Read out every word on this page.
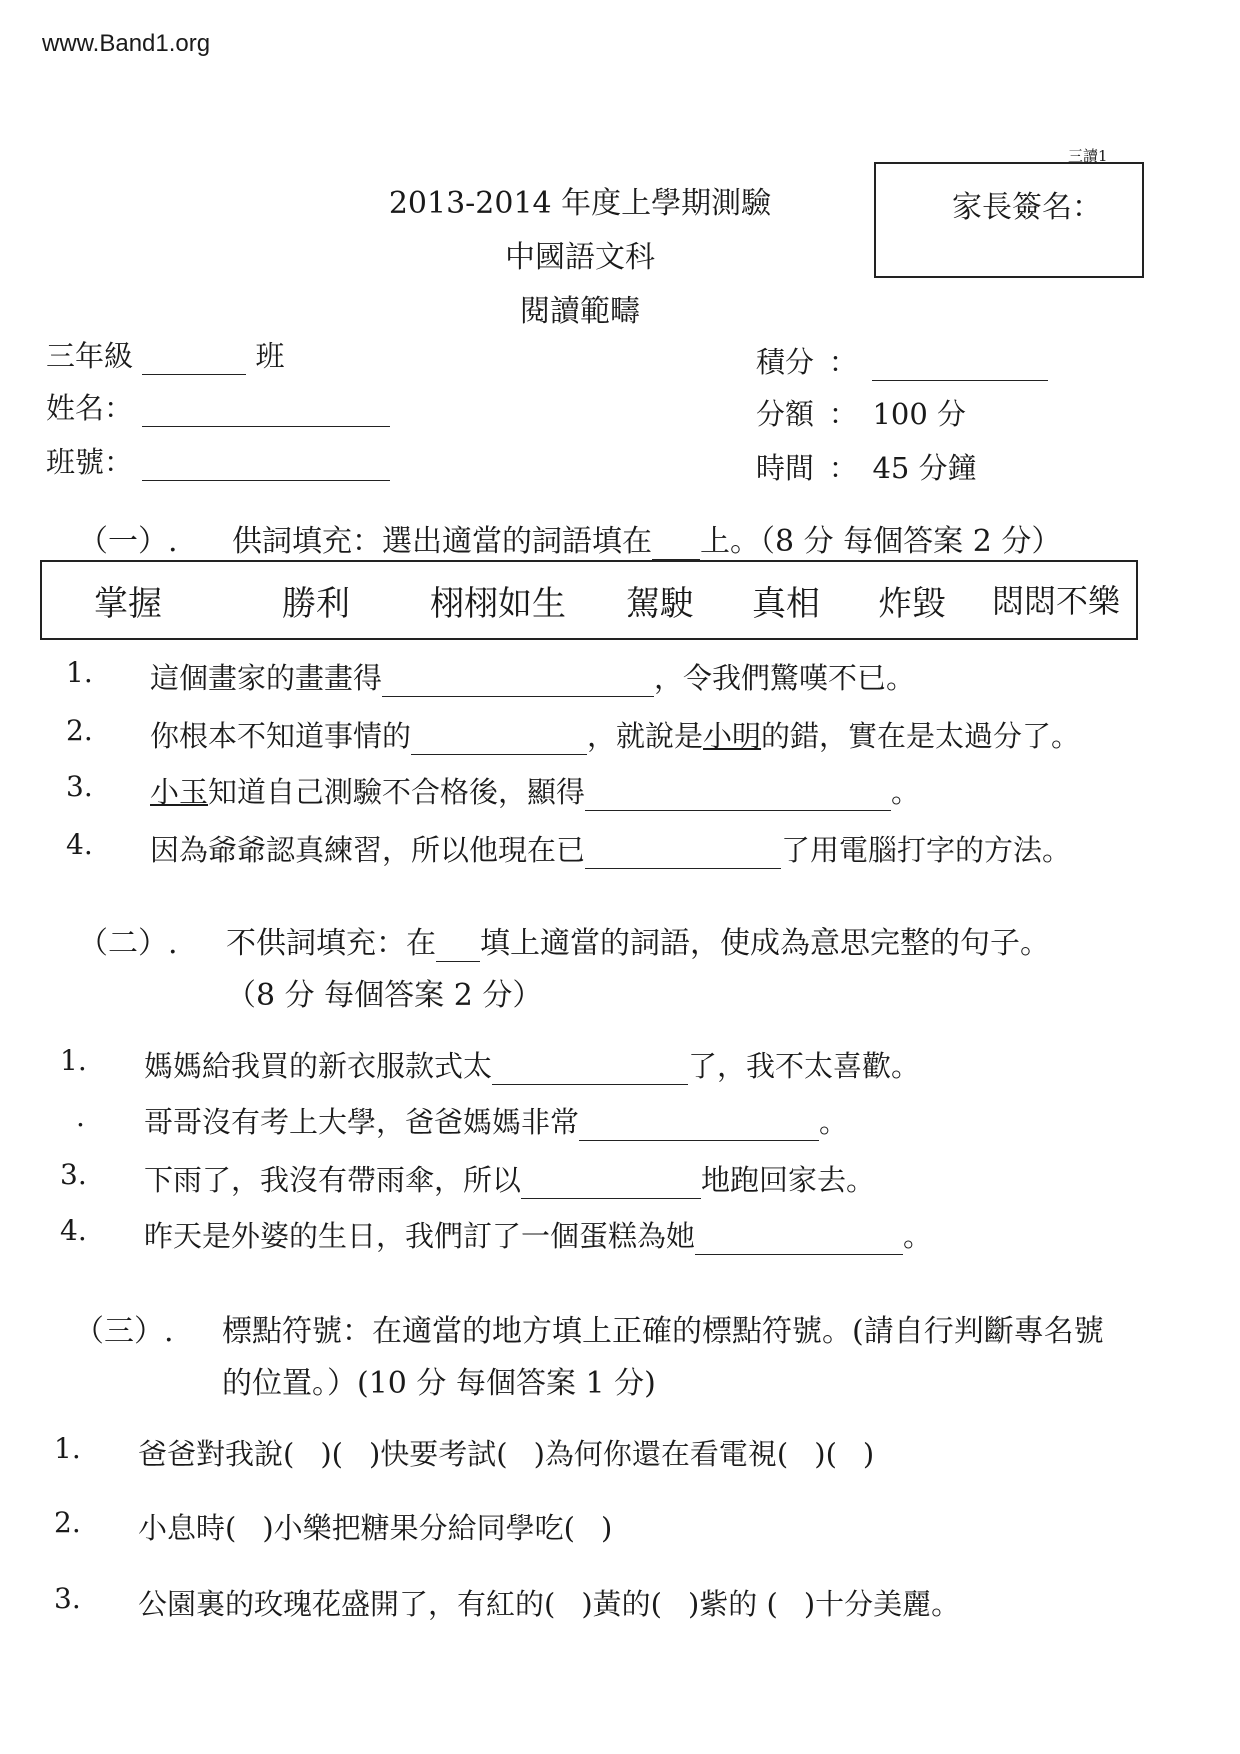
www.Band1.org
三讀1
2013-2014 年度上學期測驗
中國語文科
閱讀範疇
家長簽名：
三年級	班
姓名：
班號：
積分 ：
分額 ： 100 分
時間 ： 45 分鐘
（一）. 供詞填充：選出適當的詞語填在 上。（8 分 每個答案 2 分）
掌握	勝利 栩栩如生 駕駛 真相 炸毀 悶悶不樂
1. 這個畫家的畫畫得	，令我們驚嘆不已。
2. 你根本不知道事情的	，就說是小明的錯，實在是太過分了。
3. 小玉知道自己測驗不合格後，顯得	。
4. 因為爺爺認真練習，所以他現在已	了用電腦打字的方法。
（二）. 不供詞填充：在 填上適當的詞語，使成為意思完整的句子。
（8 分 每個答案 2 分）
1. 媽媽給我買的新衣服款式太	了，我不太喜歡。
. 哥哥沒有考上大學，爸爸媽媽非常	。
3. 下雨了，我沒有帶雨傘，所以	地跑回家去。
4. 昨天是外婆的生日，我們訂了一個蛋糕為她	。
（三）. 標點符號：在適當的地方填上正確的標點符號。(請自行判斷專名號
的位置。）(10 分 每個答案 1 分)
1. 爸爸對我說( )( )快要考試( )為何你還在看電視( )( )
2. 小息時( )小樂把糖果分給同學吃( )
3. 公園裏的玫瑰花盛開了，有紅的( )黃的( )紫的 ( )十分美麗。
